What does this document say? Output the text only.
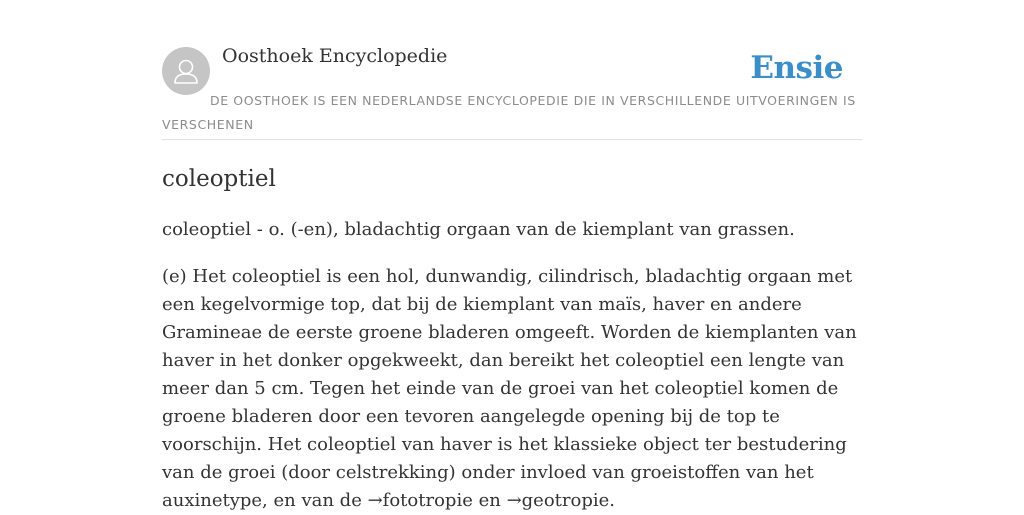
Oosthoek Encyclopedie	Ensie
DE OOSTHOEK IS EEN NEDERLANDSE ENCYCLOPEDIE DIE IN VERSCHILLENDE UITVOERINGEN IS VERSCHENEN
coleoptiel

coleoptiel - o. (-en), bladachtig orgaan van de kiemplant van grassen.

(e) Het coleoptiel is een hol, dunwandig, cilindrisch, bladachtig orgaan met een kegelvormige top, dat bij de kiemplant van maïs, haver en andere Gramineae de eerste groene bladeren omgeeft. Worden de kiemplanten van haver in het donker opgekweekt, dan bereikt het coleoptiel een lengte van meer dan 5 cm. Tegen het einde van de groei van het coleoptiel komen de groene bladeren door een tevoren aangelegde opening bij de top te voorschijn. Het coleoptiel van haver is het klassieke object ter bestudering van de groei (door celstrekking) onder invloed van groeistoffen van het auxinetype, en van de →fototropie en →geotropie.
